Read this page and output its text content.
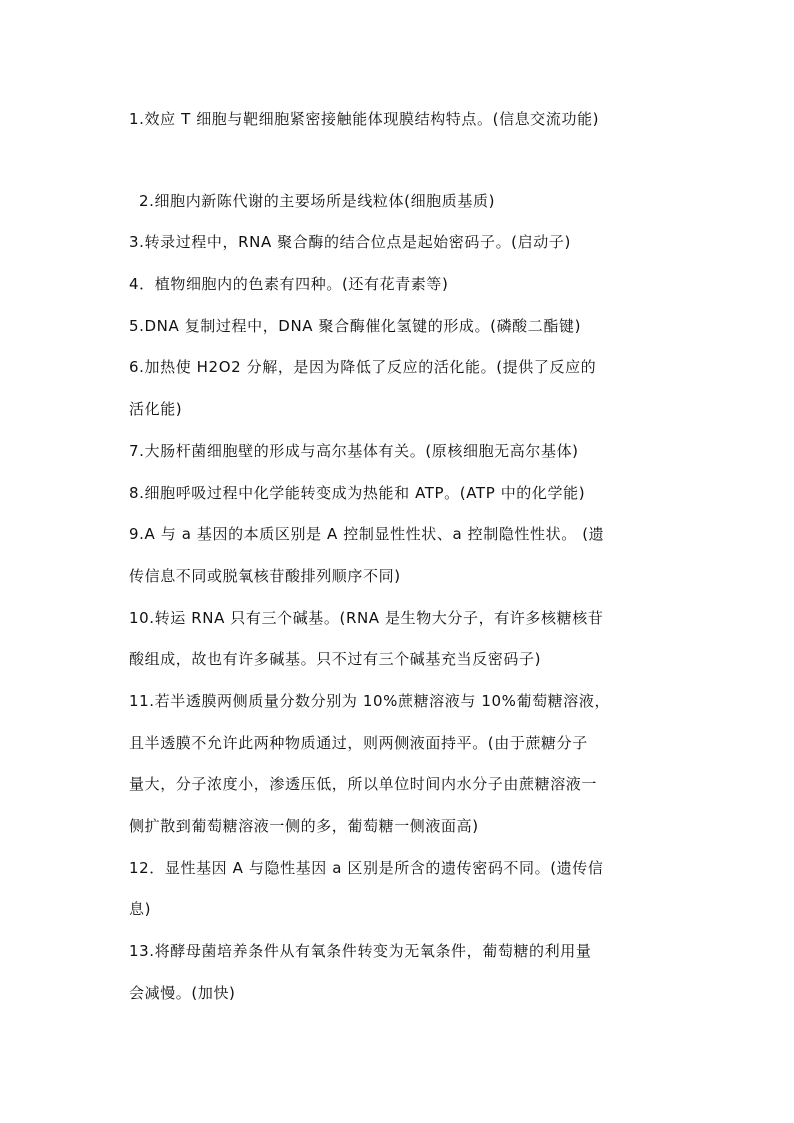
1.效应 T 细胞与靶细胞紧密接触能体现膜结构特点。(信息交流功能)
2.细胞内新陈代谢的主要场所是线粒体(细胞质基质)
3.转录过程中，RNA 聚合酶的结合位点是起始密码子。(启动子)
4．植物细胞内的色素有四种。(还有花青素等)
5.DNA 复制过程中，DNA 聚合酶催化氢键的形成。(磷酸二酯键)
6.加热使 H2O2 分解，是因为降低了反应的活化能。(提供了反应的
活化能)
7.大肠杆菌细胞壁的形成与高尔基体有关。(原核细胞无高尔基体)
8.细胞呼吸过程中化学能转变成为热能和 ATP。(ATP 中的化学能)
9.A 与 a 基因的本质区别是 A 控制显性性状、a 控制隐性性状。 (遗
传信息不同或脱氧核苷酸排列顺序不同)
10.转运 RNA 只有三个碱基。(RNA 是生物大分子，有许多核糖核苷
酸组成，故也有许多碱基。只不过有三个碱基充当反密码子)
11.若半透膜两侧质量分数分别为 10%蔗糖溶液与 10%葡萄糖溶液，
且半透膜不允许此两种物质通过，则两侧液面持平。(由于蔗糖分子
量大，分子浓度小，渗透压低，所以单位时间内水分子由蔗糖溶液一
侧扩散到葡萄糖溶液一侧的多，葡萄糖一侧液面高)
12．显性基因 A 与隐性基因 a 区别是所含的遗传密码不同。(遗传信
息)
13.将酵母菌培养条件从有氧条件转变为无氧条件，葡萄糖的利用量
会减慢。(加快)
